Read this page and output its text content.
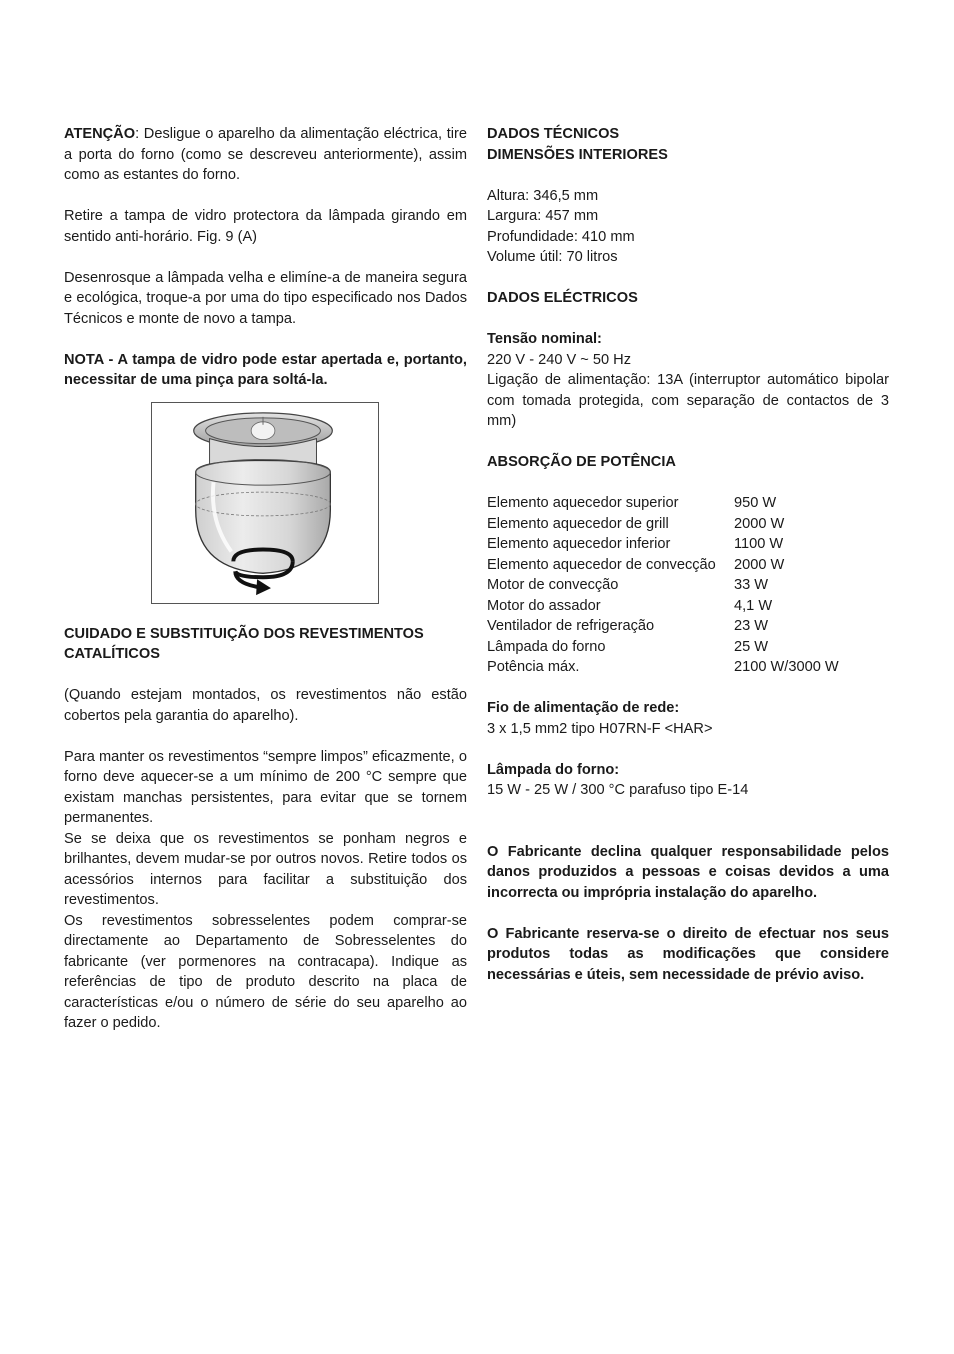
ATENÇÃO: Desligue o aparelho da alimentação eléctrica, tire a porta do forno (como se descreveu anteriormente), assim como as estantes do forno.

Retire a tampa de vidro protectora da lâmpada girando em sentido anti-horário. Fig. 9 (A)

Desenrosque a lâmpada velha e elimíne-a de maneira segura e ecológica, troque-a por uma do tipo especificado nos Dados Técnicos e monte de novo a tampa.

NOTA - A tampa de vidro pode estar apertada e, portanto, necessitar de uma pinça para soltá-la.

CUIDADO E SUBSTITUIÇÃO DOS REVESTIMENTOS CATALÍTICOS

(Quando estejam montados, os revestimentos não estão cobertos pela garantia do aparelho).

Para manter os revestimentos “sempre limpos” eficazmente, o forno deve aquecer-se a um mínimo de 200 °C sempre que existam manchas persistentes, para evitar que se tornem permanentes.

Se se deixa que os revestimentos se ponham negros e brilhantes, devem mudar-se por outros novos. Retire todos os acessórios internos para facilitar a substituição dos revestimentos.

Os revestimentos sobresselentes podem comprar-se directamente ao Departamento de Sobresselentes do fabricante (ver pormenores na contracapa). Indique as referências de tipo de produto descrito na placa de características e/ou o número de série do seu aparelho ao fazer o pedido.

DADOS TÉCNICOS

DIMENSÕES INTERIORES

Altura: 346,5 mm

Largura: 457 mm

Profundidade: 410 mm

Volume útil: 70 litros

DADOS ELÉCTRICOS

Tensão nominal:

220 V - 240 V ~ 50 Hz

Ligação de alimentação: 13A (interruptor automático bipolar com tomada protegida, com separação de contactos de 3 mm)

ABSORÇÃO DE POTÊNCIA

Elemento aquecedor superior	950 W
Elemento aquecedor de grill	2000 W
Elemento aquecedor inferior	1100 W
Elemento aquecedor de convecção	2000 W
Motor de convecção	33 W
Motor do assador	4,1 W
Ventilador de refrigeração	23 W
Lâmpada do forno	25 W
Potência máx.	2100 W/3000 W

Fio de alimentação de rede:

3 x 1,5 mm2 tipo H07RN-F <HAR>

Lâmpada do forno:

15 W - 25 W / 300 °C parafuso tipo E-14

O Fabricante declina qualquer responsabilidade pelos danos produzidos a pessoas e coisas devidos a uma incorrecta ou imprópria instalação do aparelho.

O Fabricante reserva-se o direito de efectuar nos seus produtos todas as modificações que considere necessárias e úteis, sem necessidade de prévio aviso.
